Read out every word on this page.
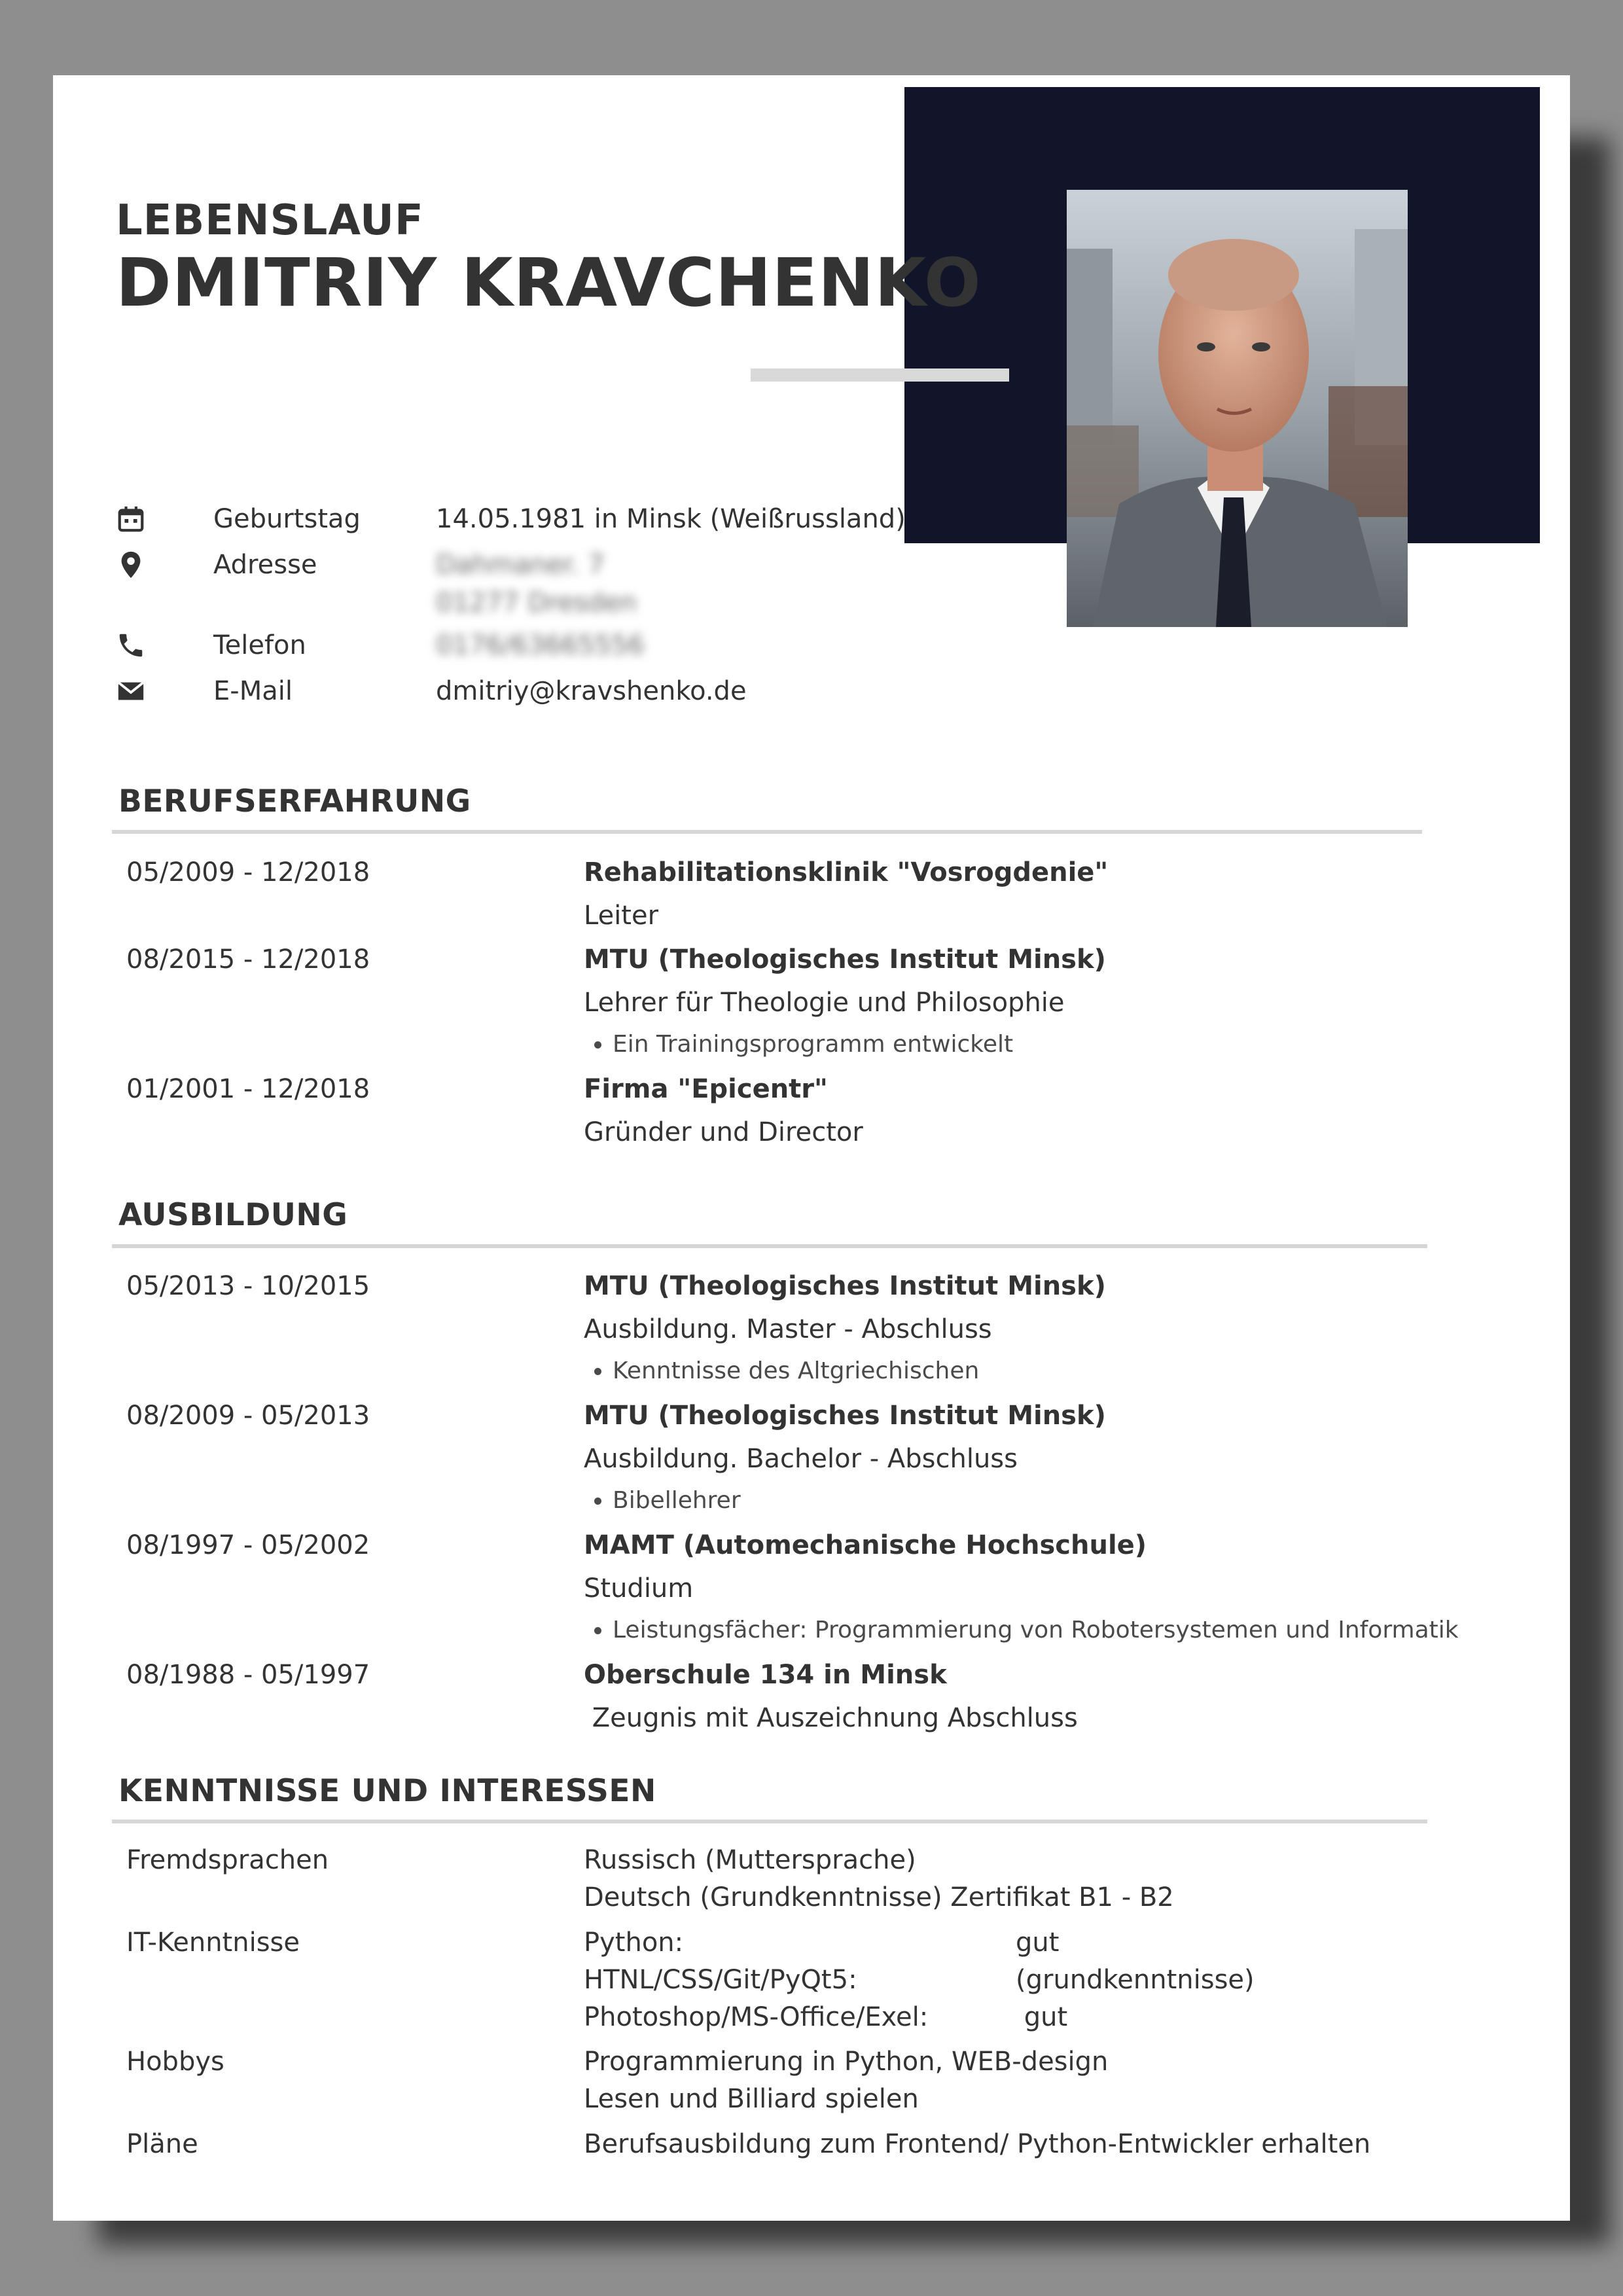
LEBENSLAUF
DMITRIY KRAVCHENKO
Geburtstag	14.05.1981 in Minsk (Weißrussland)
Adresse	Dahmaner. 7
01277 Dresden
Telefon	0176/63665556
E-Mail	dmitriy@kravshenko.de
BERUFSERFAHRUNG
05/2009 - 12/2018	Rehabilitationsklinik "Vosrogdenie"
Leiter
08/2015 - 12/2018	MTU (Theologisches Institut Minsk)
Lehrer für Theologie und Philosophie
• Ein Trainingsprogramm entwickelt
01/2001 - 12/2018	Firma "Epicentr"
Gründer und Director
AUSBILDUNG
05/2013 - 10/2015	MTU (Theologisches Institut Minsk)
Ausbildung. Master - Abschluss
• Kenntnisse des Altgriechischen
08/2009 - 05/2013	MTU (Theologisches Institut Minsk)
Ausbildung. Bachelor - Abschluss
• Bibellehrer
08/1997 - 05/2002	MAMT (Automechanische Hochschule)
Studium
• Leistungsfächer: Programmierung von Robotersystemen und Informatik
08/1988 - 05/1997	Oberschule 134 in Minsk
Zeugnis mit Auszeichnung Abschluss
KENNTNISSE UND INTERESSEN
Fremdsprachen	Russisch (Muttersprache)
Deutsch (Grundkenntnisse) Zertifikat B1 - B2
IT-Kenntnisse	Python:	gut
HTNL/CSS/Git/PyQt5:	(grundkenntnisse)
Photoshop/MS-Office/Exel:	gut
Hobbys	Programmierung in Python, WEB-design
Lesen und Billiard spielen
Pläne	Berufsausbildung zum Frontend/ Python-Entwickler erhalten
